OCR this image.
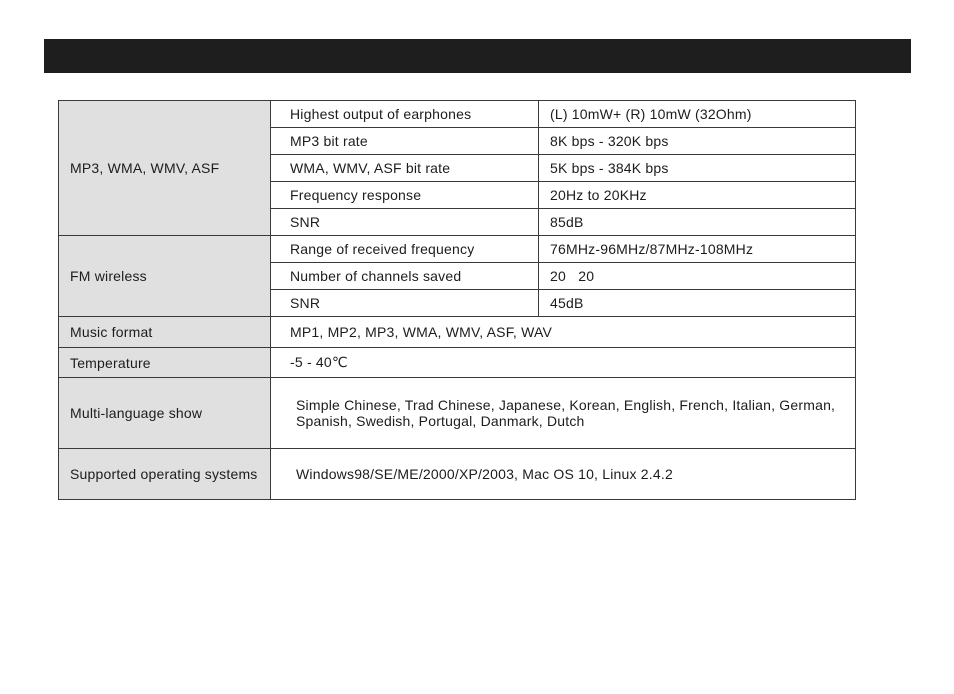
MP3, WMA, WMV, ASF	Highest output of earphones	(L) 10mW+ (R) 10mW (32Ohm)
	MP3 bit rate	8K bps - 320K bps
	WMA, WMV, ASF bit rate	5K bps - 384K bps
	Frequency response	20Hz to 20KHz
	SNR	85dB
FM wireless	Range of received frequency	76MHz-96MHz/87MHz-108MHz
	Number of channels saved	20   20
	SNR	45dB
Music format	MP1, MP2, MP3, WMA, WMV, ASF, WAV	
Temperature	-5 - 40℃	
Multi-language show	Simple Chinese, Trad Chinese, Japanese, Korean, English, French, Italian, German, Spanish, Swedish, Portugal, Danmark, Dutch	
Supported operating systems	Windows98/SE/ME/2000/XP/2003, Mac OS 10, Linux 2.4.2	
